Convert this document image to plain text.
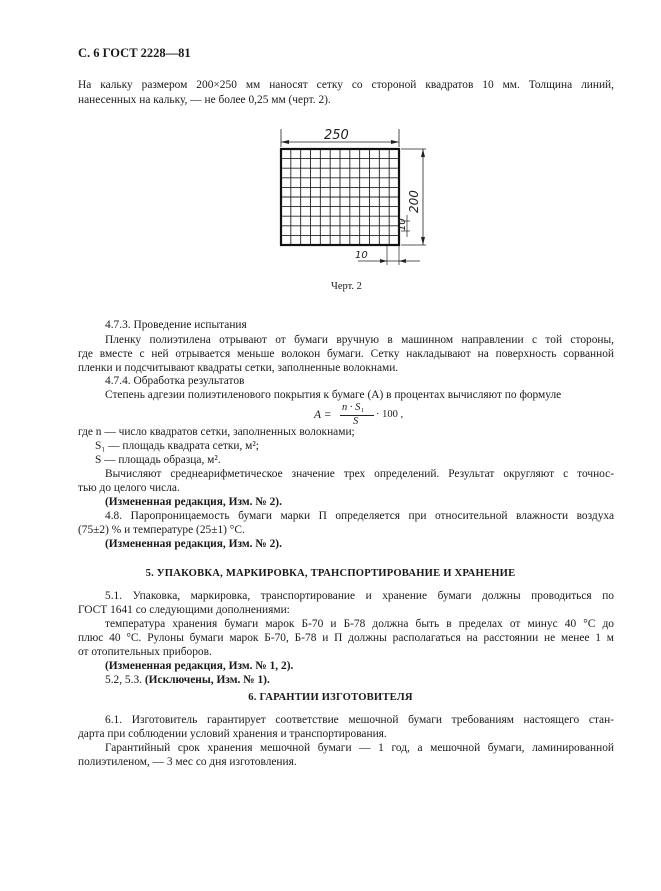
С. 6 ГОСТ 2228—81
На кальку размером 200×250 мм наносят сетку со стороной квадратов 10 мм. Толщина линий,
нанесенных на кальку, — не более 0,25 мм (черт. 2).
250
200
10
10
Черт. 2
4.7.3. Проведение испытания
Пленку полиэтилена отрывают от бумаги вручную в машинном направлении с той стороны,
где вместе с ней отрывается меньше волокон бумаги. Сетку накладывают на поверхность сорванной
пленки и подсчитывают квадраты сетки, заполненные волокнами.
4.7.4. Обработка результатов
Степень адгезии полиэтиленового покрытия к бумаге (A) в процентах вычисляют по формуле
A =
n · S₁
S
· 100 ,
где n — число квадратов сетки, заполненных волокнами;
S₁ — площадь квадрата сетки, м²;
S — площадь образца, м².
Вычисляют среднеарифметическое значение трех определений. Результат округляют с точнос-
тью до целого числа.
(Измененная редакция, Изм. № 2).
4.8. Паропроницаемость бумаги марки П определяется при относительной влажности воздуха
(75±2) % и температуре (25±1) °С.
(Измененная редакция, Изм. № 2).
5. УПАКОВКА, МАРКИРОВКА, ТРАНСПОРТИРОВАНИЕ И ХРАНЕНИЕ
5.1. Упаковка, маркировка, транспортирование и хранение бумаги должны проводиться по
ГОСТ 1641 со следующими дополнениями:
температура хранения бумаги марок Б-70 и Б-78 должна быть в пределах от минус 40 °С до
плюс 40 °С. Рулоны бумаги марок Б-70, Б-78 и П должны располагаться на расстоянии не менее 1 м
от отопительных приборов.
(Измененная редакция, Изм. № 1, 2).
5.2, 5.3. (Исключены, Изм. № 1).
6. ГАРАНТИИ ИЗГОТОВИТЕЛЯ
6.1. Изготовитель гарантирует соответствие мешочной бумаги требованиям настоящего стан-
дарта при соблюдении условий хранения и транспортирования.
Гарантийный срок хранения мешочной бумаги — 1 год, а мешочной бумаги, ламинированной
полиэтиленом, — 3 мес со дня изготовления.
